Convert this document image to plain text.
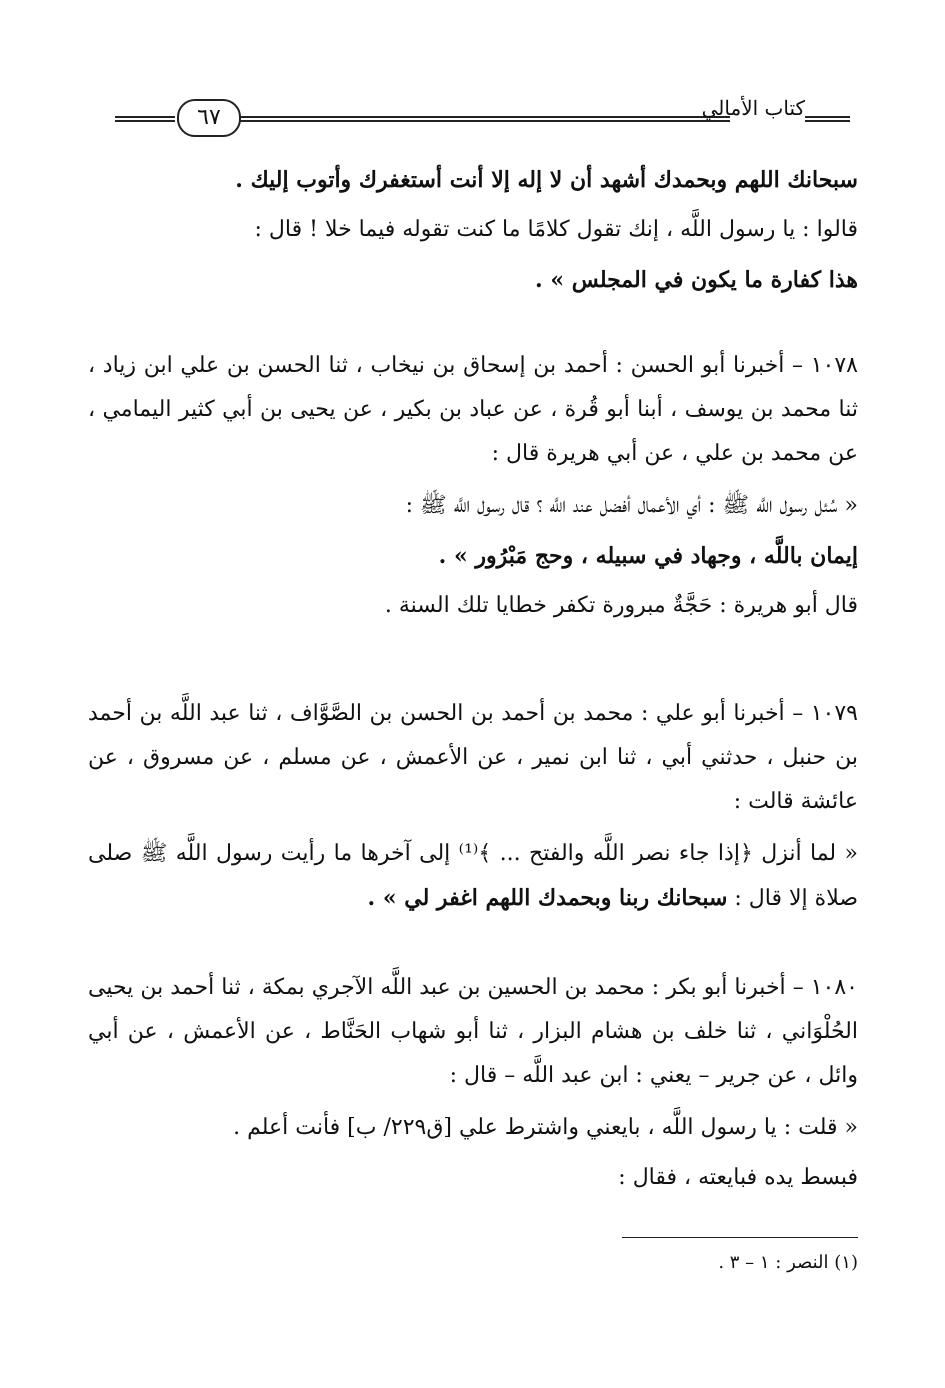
٦٧	كتاب الأمالي

سبحانك اللهم وبحمدك أشهد أن لا إله إلا أنت أستغفرك وأتوب إليك .

قالوا : يا رسول اللَّه ، إنك تقول كلامًا ما كنت تقوله فيما خلا ! قال :

هذا كفارة ما يكون في المجلس » .

١٠٧٨ – أخبرنا أبو الحسن : أحمد بن إسحاق بن نيخاب ، ثنا الحسن بن علي ابن زياد ، ثنا محمد بن يوسف ، أبنا أبو قُرة ، عن عباد بن بكير ، عن يحيى بن أبي كثير اليمامي ، عن محمد بن علي ، عن أبي هريرة قال :

« سُئل رسول اللَّه ﷺ : أي الأعمال أفضل عند اللَّه ؟ قال رسول اللَّه ﷺ :

إيمان باللَّه ، وجهاد في سبيله ، وحج مَبْرُور » .

قال أبو هريرة : حَجَّةٌ مبرورة تكفر خطايا تلك السنة .

١٠٧٩ – أخبرنا أبو علي : محمد بن أحمد بن الحسن بن الصَّوَّاف ، ثنا عبد اللَّه بن أحمد بن حنبل ، حدثني أبي ، ثنا ابن نمير ، عن الأعمش ، عن مسلم ، عن مسروق ، عن عائشة قالت :

« لما أنزل ﴿إذا جاء نصر اللَّه والفتح ... ﴾⁽¹⁾ إلى آخرها ما رأيت رسول اللَّه ﷺ صلى صلاة إلا قال : سبحانك ربنا وبحمدك اللهم اغفر لي » .

١٠٨٠ – أخبرنا أبو بكر : محمد بن الحسين بن عبد اللَّه الآجري بمكة ، ثنا أحمد بن يحيى الحُلْوَاني ، ثنا خلف بن هشام البزار ، ثنا أبو شهاب الحَنَّاط ، عن الأعمش ، عن أبي وائل ، عن جرير – يعني : ابن عبد اللَّه – قال :

« قلت : يا رسول اللَّه ، بايعني واشترط علي [ق٢٢٩/ ب] فأنت أعلم .

فبسط يده فبايعته ، فقال :

(١) النصر : ١ – ٣ .
